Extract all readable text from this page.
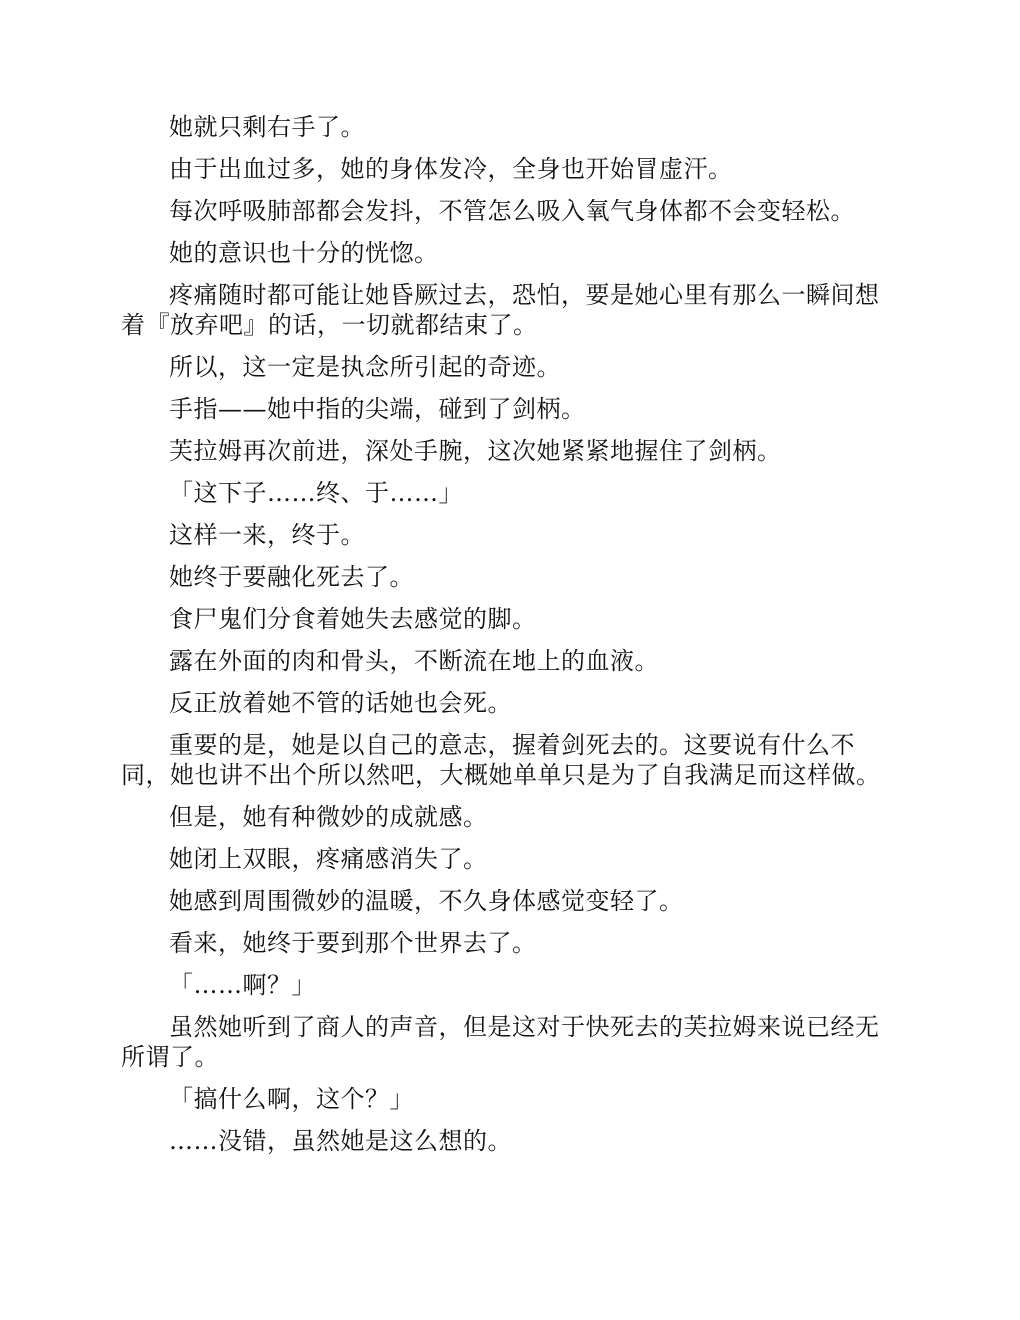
她就只剩右手了。

由于出血过多，她的身体发冷，全身也开始冒虚汗。

每次呼吸肺部都会发抖，不管怎么吸入氧气身体都不会变轻松。

她的意识也十分的恍惚。

疼痛随时都可能让她昏厥过去，恐怕，要是她心里有那么一瞬间想着『放弃吧』的话，一切就都结束了。

所以，这一定是执念所引起的奇迹。

手指——她中指的尖端，碰到了剑柄。

芙拉姆再次前进，深处手腕，这次她紧紧地握住了剑柄。

「这下子……终、于……」

这样一来，终于。

她终于要融化死去了。

食尸鬼们分食着她失去感觉的脚。

露在外面的肉和骨头，不断流在地上的血液。

反正放着她不管的话她也会死。

重要的是，她是以自己的意志，握着剑死去的。这要说有什么不同，她也讲不出个所以然吧，大概她单单只是为了自我满足而这样做。

但是，她有种微妙的成就感。

她闭上双眼，疼痛感消失了。

她感到周围微妙的温暖，不久身体感觉变轻了。

看来，她终于要到那个世界去了。

「……啊？」

虽然她听到了商人的声音，但是这对于快死去的芙拉姆来说已经无所谓了。

「搞什么啊，这个？」

……没错，虽然她是这么想的。
